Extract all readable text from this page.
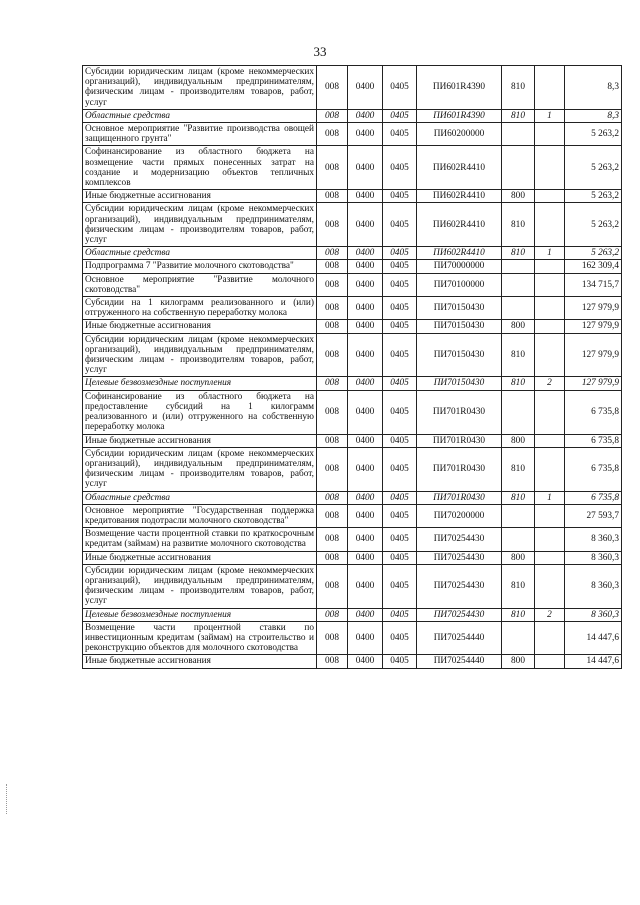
33
Субсидии юридическим лицам (кроме некоммерческих организаций), индивидуальным предпринимателям, физическим лицам - производителям товаров, работ, услуг	008	0400	0405	ПИ601R4390	810		8,3
Областные средства	008	0400	0405	ПИ601R4390	810	1	8,3
Основное мероприятие "Развитие производства овощей защищенного грунта"	008	0400	0405	ПИ60200000			5 263,2
Софинансирование из областного бюджета на возмещение части прямых понесенных затрат на создание и модернизацию объектов тепличных комплексов	008	0400	0405	ПИ602R4410			5 263,2
Иные бюджетные ассигнования	008	0400	0405	ПИ602R4410	800		5 263,2
Субсидии юридическим лицам (кроме некоммерческих организаций), индивидуальным предпринимателям, физическим лицам - производителям товаров, работ, услуг	008	0400	0405	ПИ602R4410	810		5 263,2
Областные средства	008	0400	0405	ПИ602R4410	810	1	5 263,2
Подпрограмма 7 "Развитие молочного скотоводства"	008	0400	0405	ПИ70000000			162 309,4
Основное мероприятие "Развитие молочного скотоводства"	008	0400	0405	ПИ70100000			134 715,7
Субсидии на 1 килограмм реализованного и (или) отгруженного на собственную переработку молока	008	0400	0405	ПИ70150430			127 979,9
Иные бюджетные ассигнования	008	0400	0405	ПИ70150430	800		127 979,9
Субсидии юридическим лицам (кроме некоммерческих организаций), индивидуальным предпринимателям, физическим лицам - производителям товаров, работ, услуг	008	0400	0405	ПИ70150430	810		127 979,9
Целевые безвозмездные поступления	008	0400	0405	ПИ70150430	810	2	127 979,9
Софинансирование из областного бюджета на предоставление субсидий на 1 килограмм реализованного и (или) отгруженного на собственную переработку молока	008	0400	0405	ПИ701R0430			6 735,8
Иные бюджетные ассигнования	008	0400	0405	ПИ701R0430	800		6 735,8
Субсидии юридическим лицам (кроме некоммерческих организаций), индивидуальным предпринимателям, физическим лицам - производителям товаров, работ, услуг	008	0400	0405	ПИ701R0430	810		6 735,8
Областные средства	008	0400	0405	ПИ701R0430	810	1	6 735,8
Основное мероприятие "Государственная поддержка кредитования подотрасли молочного скотоводства"	008	0400	0405	ПИ70200000			27 593,7
Возмещение части процентной ставки по краткосрочным кредитам (займам) на развитие молочного скотоводства	008	0400	0405	ПИ70254430			8 360,3
Иные бюджетные ассигнования	008	0400	0405	ПИ70254430	800		8 360,3
Субсидии юридическим лицам (кроме некоммерческих организаций), индивидуальным предпринимателям, физическим лицам - производителям товаров, работ, услуг	008	0400	0405	ПИ70254430	810		8 360,3
Целевые безвозмездные поступления	008	0400	0405	ПИ70254430	810	2	8 360,3
Возмещение части процентной ставки по инвестиционным кредитам (займам) на строительство и реконструкцию объектов для молочного скотоводства	008	0400	0405	ПИ70254440			14 447,6
Иные бюджетные ассигнования	008	0400	0405	ПИ70254440	800		14 447,6
